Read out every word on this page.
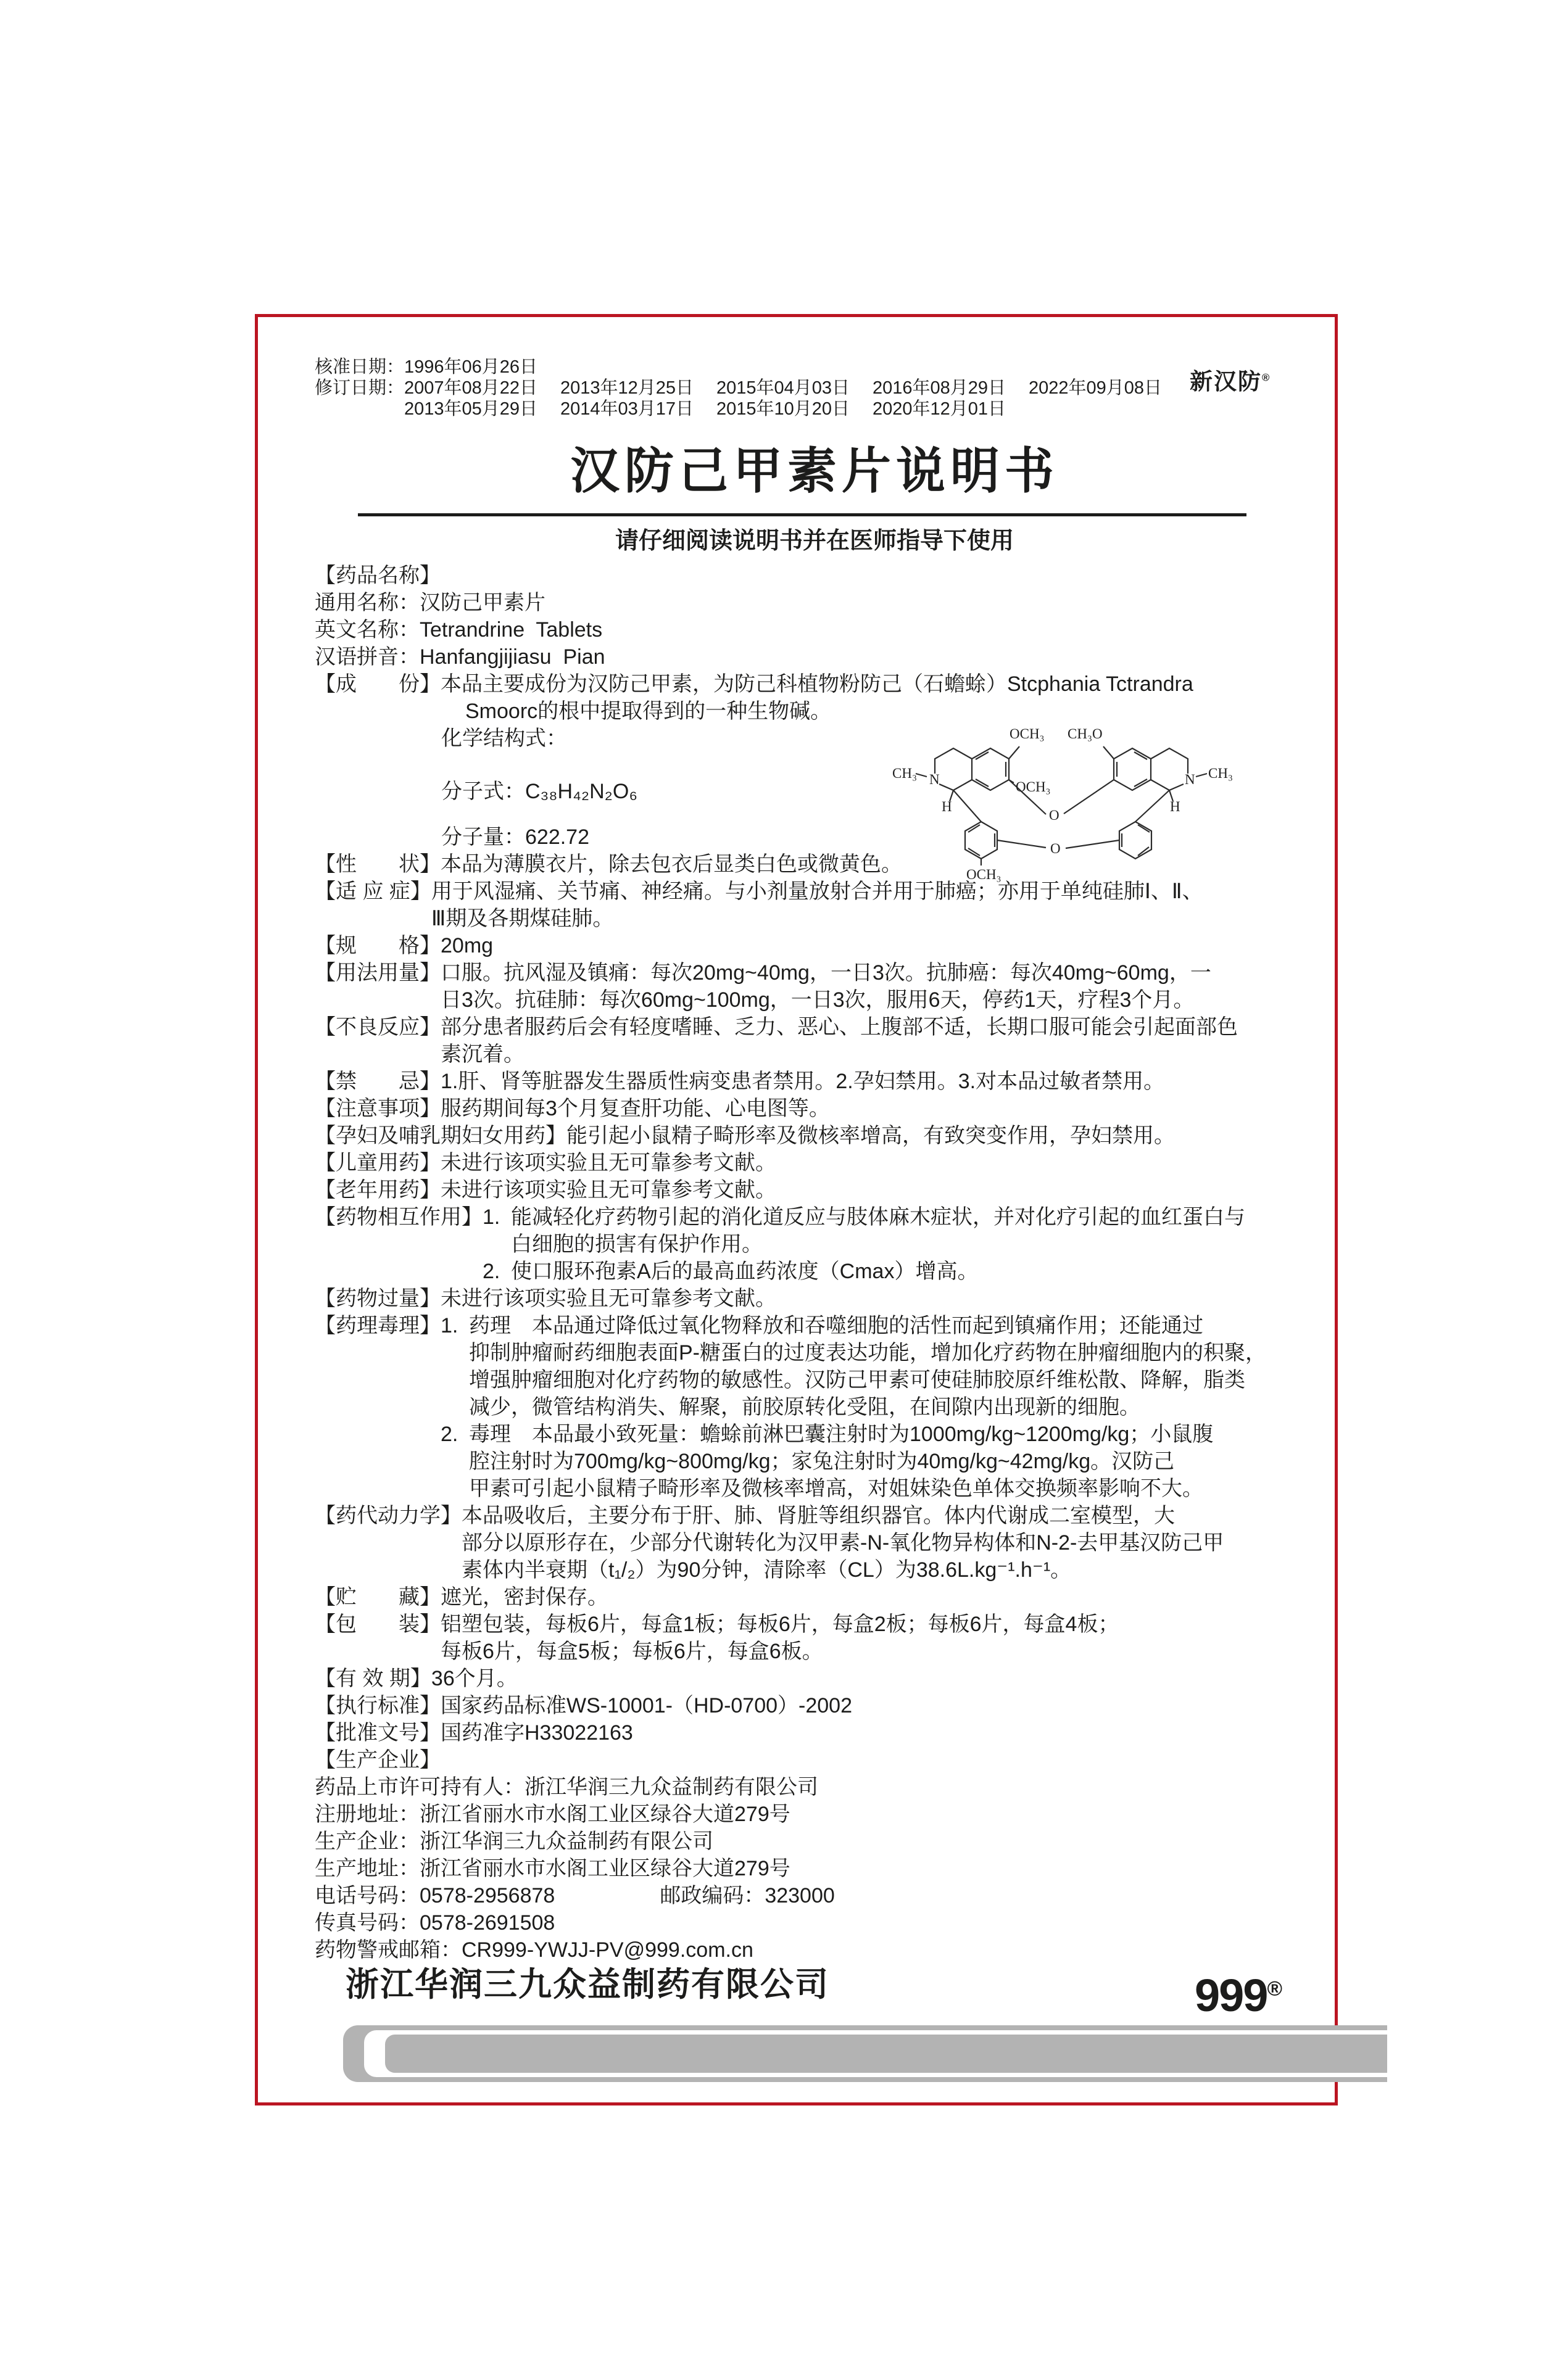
新汉防®
核准日期：1996年06月26日
修订日期：2007年08月22日 2013年12月25日 2015年04月03日 2016年08月29日 2022年09月08日
2013年05月29日 2014年03月17日 2015年10月20日 2020年12月01日
汉防己甲素片说明书
请仔细阅读说明书并在医师指导下使用
【药品名称】
通用名称：汉防己甲素片
英文名称：Tetrandrine  Tablets
汉语拼音：Hanfangjijiasu  Pian
【成　　份】 本品主要成份为汉防己甲素，为防己科植物粉防己（石蟾蜍）Stcphania Tctrandra
Smoorc的根中提取得到的一种生物碱。
化学结构式：
分子式：C₃₈H₄₂N₂O₆
分子量：622.72
【性　　状】 本品为薄膜衣片，除去包衣后显类白色或微黄色。
【适 应 症】 用于风湿痛、关节痛、神经痛。与小剂量放射合并用于肺癌；亦用于单纯硅肺Ⅰ、Ⅱ、
Ⅲ期及各期煤硅肺。
【规　　格】 20mg
【用法用量】 口服。抗风湿及镇痛：每次20mg~40mg，一日3次。抗肺癌：每次40mg~60mg，一
日3次。抗硅肺：每次60mg~100mg，一日3次，服用6天，停药1天，疗程3个月。
【不良反应】 部分患者服药后会有轻度嗜睡、乏力、恶心、上腹部不适，长期口服可能会引起面部色
素沉着。
【禁　　忌】 1.肝、肾等脏器发生器质性病变患者禁用。2.孕妇禁用。3.对本品过敏者禁用。
【注意事项】 服药期间每3个月复查肝功能、心电图等。
【孕妇及哺乳期妇女用药】 能引起小鼠精子畸形率及微核率增高，有致突变作用，孕妇禁用。
【儿童用药】 未进行该项实验且无可靠参考文献。
【老年用药】 未进行该项实验且无可靠参考文献。
【药物相互作用】 1. 能减轻化疗药物引起的消化道反应与肢体麻木症状，并对化疗引起的血红蛋白与
白细胞的损害有保护作用。
2. 使口服环孢素A后的最高血药浓度（Cmax）增高。
【药物过量】 未进行该项实验且无可靠参考文献。
【药理毒理】 1. 药理　本品通过降低过氧化物释放和吞噬细胞的活性而起到镇痛作用；还能通过
抑制肿瘤耐药细胞表面P-糖蛋白的过度表达功能，增加化疗药物在肿瘤细胞内的积聚，
增强肿瘤细胞对化疗药物的敏感性。汉防己甲素可使硅肺胶原纤维松散、降解，脂类
减少，微管结构消失、解聚，前胶原转化受阻，在间隙内出现新的细胞。
2. 毒理　本品最小致死量：蟾蜍前淋巴囊注射时为1000mg/kg~1200mg/kg；小鼠腹
腔注射时为700mg/kg~800mg/kg；家兔注射时为40mg/kg~42mg/kg。汉防己
甲素可引起小鼠精子畸形率及微核率增高，对姐妹染色单体交换频率影响不大。
【药代动力学】 本品吸收后，主要分布于肝、肺、肾脏等组织器官。体内代谢成二室模型，大
部分以原形存在，少部分代谢转化为汉甲素-N-氧化物异构体和N-2-去甲基汉防己甲
素体内半衰期（t₁/₂）为90分钟，清除率（CL）为38.6L.kg⁻¹.h⁻¹。
【贮　　藏】 遮光，密封保存。
【包　　装】 铝塑包装，每板6片，每盒1板；每板6片，每盒2板；每板6片，每盒4板；
每板6片，每盒5板；每板6片，每盒6板。
【有 效 期】 36个月。
【执行标准】 国家药品标准WS-10001-（HD-0700）-2002
【批准文号】 国药准字H33022163
【生产企业】
药品上市许可持有人：浙江华润三九众益制药有限公司
注册地址：浙江省丽水市水阁工业区绿谷大道279号
生产企业：浙江华润三九众益制药有限公司
生产地址：浙江省丽水市水阁工业区绿谷大道279号
电话号码：0578-2956878	邮政编码：323000
传真号码：0578-2691508
药物警戒邮箱：CR999-YWJJ-PV@999.com.cn
浙江华润三九众益制药有限公司
OCH₃ CH₃O
OCH₃
CH₃ N
H
N CH₃
H
O
O
OCH₃
999®
